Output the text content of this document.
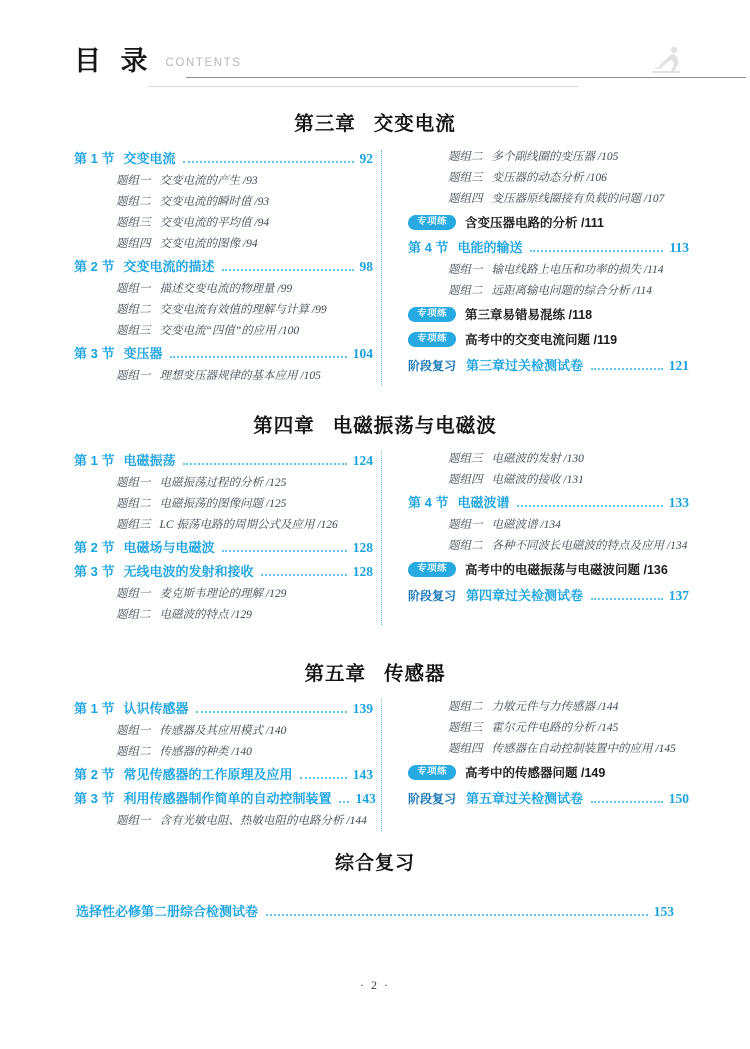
目 录 CONTENTS
第三章 交变电流
第 1 节 交变电流	92
题组一 交变电流的产生 /93
题组二 交变电流的瞬时值 /93
题组三 交变电流的平均值 /94
题组四 交变电流的图像 /94
第 2 节 交变电流的描述	98
题组一 描述交变电流的物理量 /99
题组二 交变电流有效值的理解与计算 /99
题组三 交变电流“四值”的应用 /100
第 3 节 变压器	104
题组一 理想变压器规律的基本应用 /105
题组二 多个副线圈的变压器 /105
题组三 变压器的动态分析 /106
题组四 变压器原线圈接有负载的问题 /107
专项练	含变压器电路的分析 /111
第 4 节 电能的输送	113
题组一 输电线路上电压和功率的损失 /114
题组二 远距离输电问题的综合分析 /114
专项练	第三章易错易混练 /118
专项练	高考中的交变电流问题 /119
阶段复习 第三章过关检测试卷	121
第四章 电磁振荡与电磁波
第 1 节 电磁振荡	124
题组一 电磁振荡过程的分析 /125
题组二 电磁振荡的图像问题 /125
题组三 LC 振荡电路的周期公式及应用 /126
第 2 节 电磁场与电磁波	128
第 3 节 无线电波的发射和接收	128
题组一 麦克斯韦理论的理解 /129
题组二 电磁波的特点 /129
题组三 电磁波的发射 /130
题组四 电磁波的接收 /131
第 4 节 电磁波谱	133
题组一 电磁波谱 /134
题组二 各种不同波长电磁波的特点及应用 /134
专项练	高考中的电磁振荡与电磁波问题 /136
阶段复习 第四章过关检测试卷	137
第五章 传感器
第 1 节 认识传感器	139
题组一 传感器及其应用模式 /140
题组二 传感器的种类 /140
第 2 节 常见传感器的工作原理及应用	143
第 3 节 利用传感器制作简单的自动控制装置 143
题组一 含有光敏电阻、热敏电阻的电路分析 /144
题组二 力敏元件与力传感器 /144
题组三 霍尔元件电路的分析 /145
题组四 传感器在自动控制装置中的应用 /145
专项练	高考中的传感器问题 /149
阶段复习 第五章过关检测试卷	150
综合复习
选择性必修第二册综合检测试卷	153
· 2 ·
